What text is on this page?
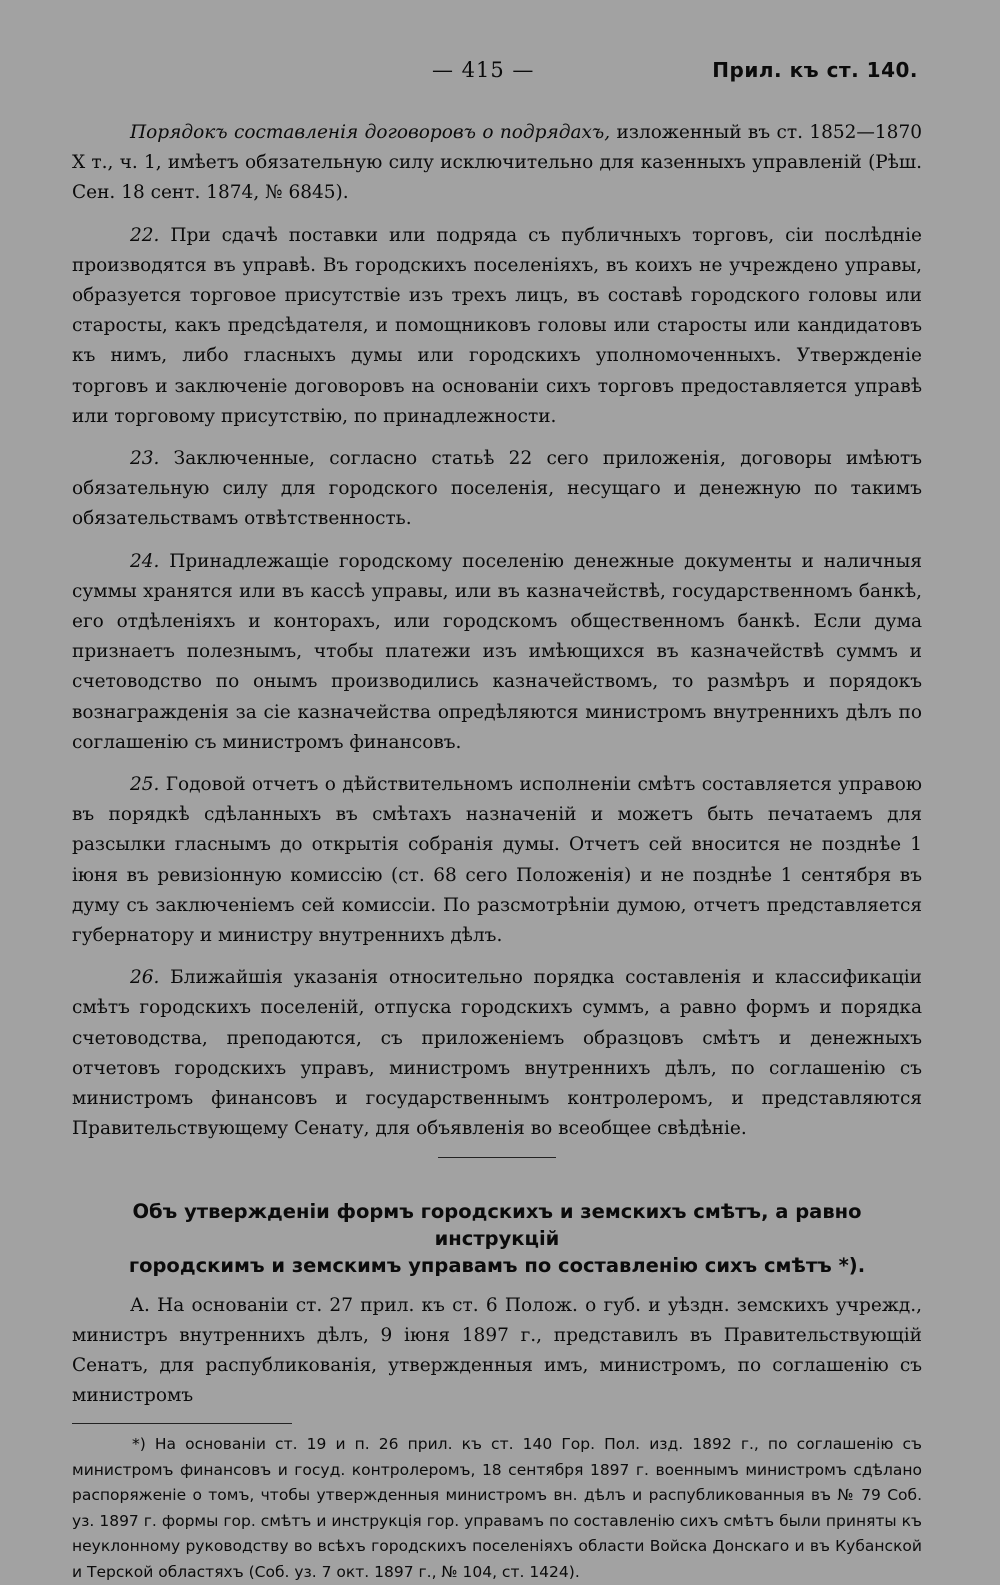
— 415 —	Прил. къ ст. 140.

Порядокъ составленія договоровъ о подрядахъ, изложенный въ ст. 1852—1870 X т., ч. 1, имѣетъ обязательную силу исключительно для казенныхъ управленій (Рѣш. Сен. 18 сент. 1874, № 6845).

22. При сдачѣ поставки или подряда съ публичныхъ торговъ, сіи послѣдніе производятся въ управѣ. Въ городскихъ поселеніяхъ, въ коихъ не учреждено управы, образуется торговое присутствіе изъ трехъ лицъ, въ составѣ городского головы или старосты, какъ предсѣдателя, и помощниковъ головы или старосты или кандидатовъ къ нимъ, либо гласныхъ думы или городскихъ уполномоченныхъ. Утвержденіе торговъ и заключеніе договоровъ на основаніи сихъ торговъ предоставляется управѣ или торговому присутствію, по принадлежности.

23. Заключенные, согласно статьѣ 22 сего приложенія, договоры имѣютъ обязательную силу для городского поселенія, несущаго и денежную по такимъ обязательствамъ отвѣтственность.

24. Принадлежащіе городскому поселенію денежные документы и наличныя суммы хранятся или въ кассѣ управы, или въ казначействѣ, государственномъ банкѣ, его отдѣленіяхъ и конторахъ, или городскомъ общественномъ банкѣ. Если дума признаетъ полезнымъ, чтобы платежи изъ имѣющихся въ казначействѣ суммъ и счетоводство по онымъ производились казначействомъ, то размѣръ и порядокъ вознагражденія за сіе казначейства опредѣляются министромъ внутреннихъ дѣлъ по соглашенію съ министромъ финансовъ.

25. Годовой отчетъ о дѣйствительномъ исполненіи смѣтъ составляется управою въ порядкѣ сдѣланныхъ въ смѣтахъ назначеній и можетъ быть печатаемъ для разсылки гласнымъ до открытія собранія думы. Отчетъ сей вносится не позднѣе 1 іюня въ ревизіонную комиссію (ст. 68 сего Положенія) и не позднѣе 1 сентября въ думу съ заключеніемъ сей комиссіи. По разсмотрѣніи думою, отчетъ представляется губернатору и министру внутреннихъ дѣлъ.

26. Ближайшія указанія относительно порядка составленія и классификаціи смѣтъ городскихъ поселеній, отпуска городскихъ суммъ, а равно формъ и порядка счетоводства, преподаются, съ приложеніемъ образцовъ смѣтъ и денежныхъ отчетовъ городскихъ управъ, министромъ внутреннихъ дѣлъ, по соглашенію съ министромъ финансовъ и государственнымъ контролеромъ, и представляются Правительствующему Сенату, для объявленія во всеобщее свѣдѣніе.

Объ утвержденіи формъ городскихъ и земскихъ смѣтъ, а равно инструкцій
городскимъ и земскимъ управамъ по составленію сихъ смѣтъ *).

А. На основаніи ст. 27 прил. къ ст. 6 Полож. о губ. и уѣздн. земскихъ учрежд., министръ внутреннихъ дѣлъ, 9 іюня 1897 г., представилъ въ Правительствующій Сенатъ, для распубликованія, утвержденныя имъ, министромъ, по соглашенію съ министромъ

*) На основаніи ст. 19 и п. 26 прил. къ ст. 140 Гор. Пол. изд. 1892 г., по соглашенію съ министромъ финансовъ и госуд. контролеромъ, 18 сентября 1897 г. военнымъ министромъ сдѣлано распоряженіе о томъ, чтобы утвержденныя министромъ вн. дѣлъ и распубликованныя въ № 79 Соб. уз. 1897 г. формы гор. смѣтъ и инструкція гор. управамъ по составленію сихъ смѣтъ были приняты къ неуклонному руководству во всѣхъ городскихъ поселеніяхъ области Войска Донскаго и въ Кубанской и Терской областяхъ (Соб. уз. 7 окт. 1897 г., № 104, ст. 1424).
